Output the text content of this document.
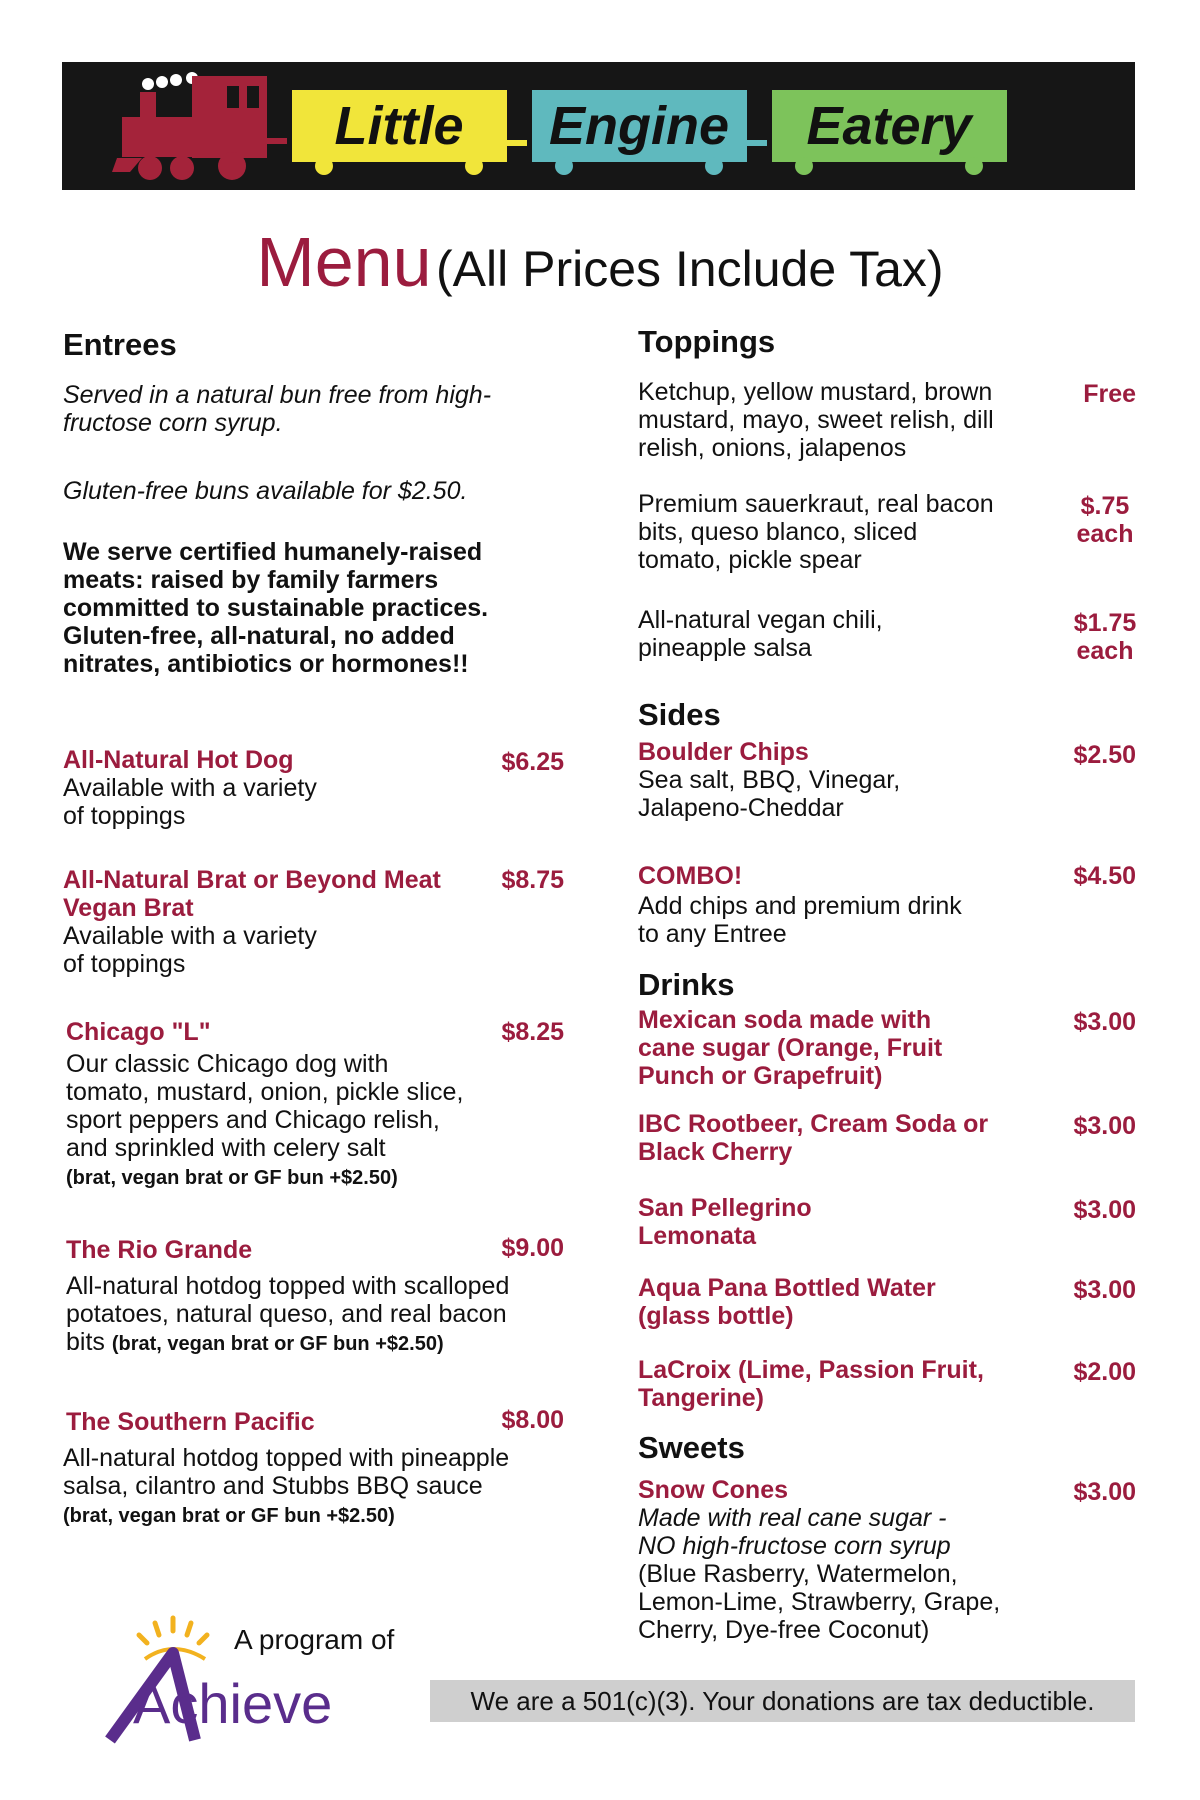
Little Engine Eatery
Menu (All Prices Include Tax)
Entrees
Served in a natural bun free from high-
fructose corn syrup.
Gluten-free buns available for $2.50.
We serve certified humanely-raised
meats: raised by family farmers
committed to sustainable practices.
Gluten-free, all-natural, no added
nitrates, antibiotics or hormones!!
All-Natural Hot Dog	$6.25
Available with a variety
of toppings
All-Natural Brat or Beyond Meat
Vegan Brat
$8.75
Available with a variety
of toppings
Chicago "L"	$8.25
Our classic Chicago dog with
tomato, mustard, onion, pickle slice,
sport peppers and Chicago relish,
and sprinkled with celery salt
(brat, vegan brat or GF bun +$2.50)
The Rio Grande	$9.00
All-natural hotdog topped with scalloped
potatoes, natural queso, and real bacon
bits (brat, vegan brat or GF bun +$2.50)
The Southern Pacific	$8.00
All-natural hotdog topped with pineapple
salsa, cilantro and Stubbs BBQ sauce
(brat, vegan brat or GF bun +$2.50)
Toppings
Ketchup, yellow mustard, brown
mustard, mayo, sweet relish, dill
relish, onions, jalapenos
Free
Premium sauerkraut, real bacon
bits, queso blanco, sliced
tomato, pickle spear
$.75
each
All-natural vegan chili,
pineapple salsa
$1.75
each
Sides
Boulder Chips	$2.50
Sea salt, BBQ, Vinegar,
Jalapeno-Cheddar
COMBO!	$4.50
Add chips and premium drink
to any Entree
Drinks
Mexican soda made with
cane sugar (Orange, Fruit
Punch or Grapefruit)
$3.00
IBC Rootbeer, Cream Soda or
Black Cherry
$3.00
San Pellegrino
Lemonata
$3.00
Aqua Pana Bottled Water
(glass bottle)
$3.00
LaCroix (Lime, Passion Fruit,
Tangerine)
$2.00
Sweets
Snow Cones	$3.00
Made with real cane sugar -
NO high-fructose corn syrup
(Blue Rasberry, Watermelon,
Lemon-Lime, Strawberry, Grape,
Cherry, Dye-free Coconut)
Achieve
A program of
We are a 501(c)(3). Your donations are tax deductible.
